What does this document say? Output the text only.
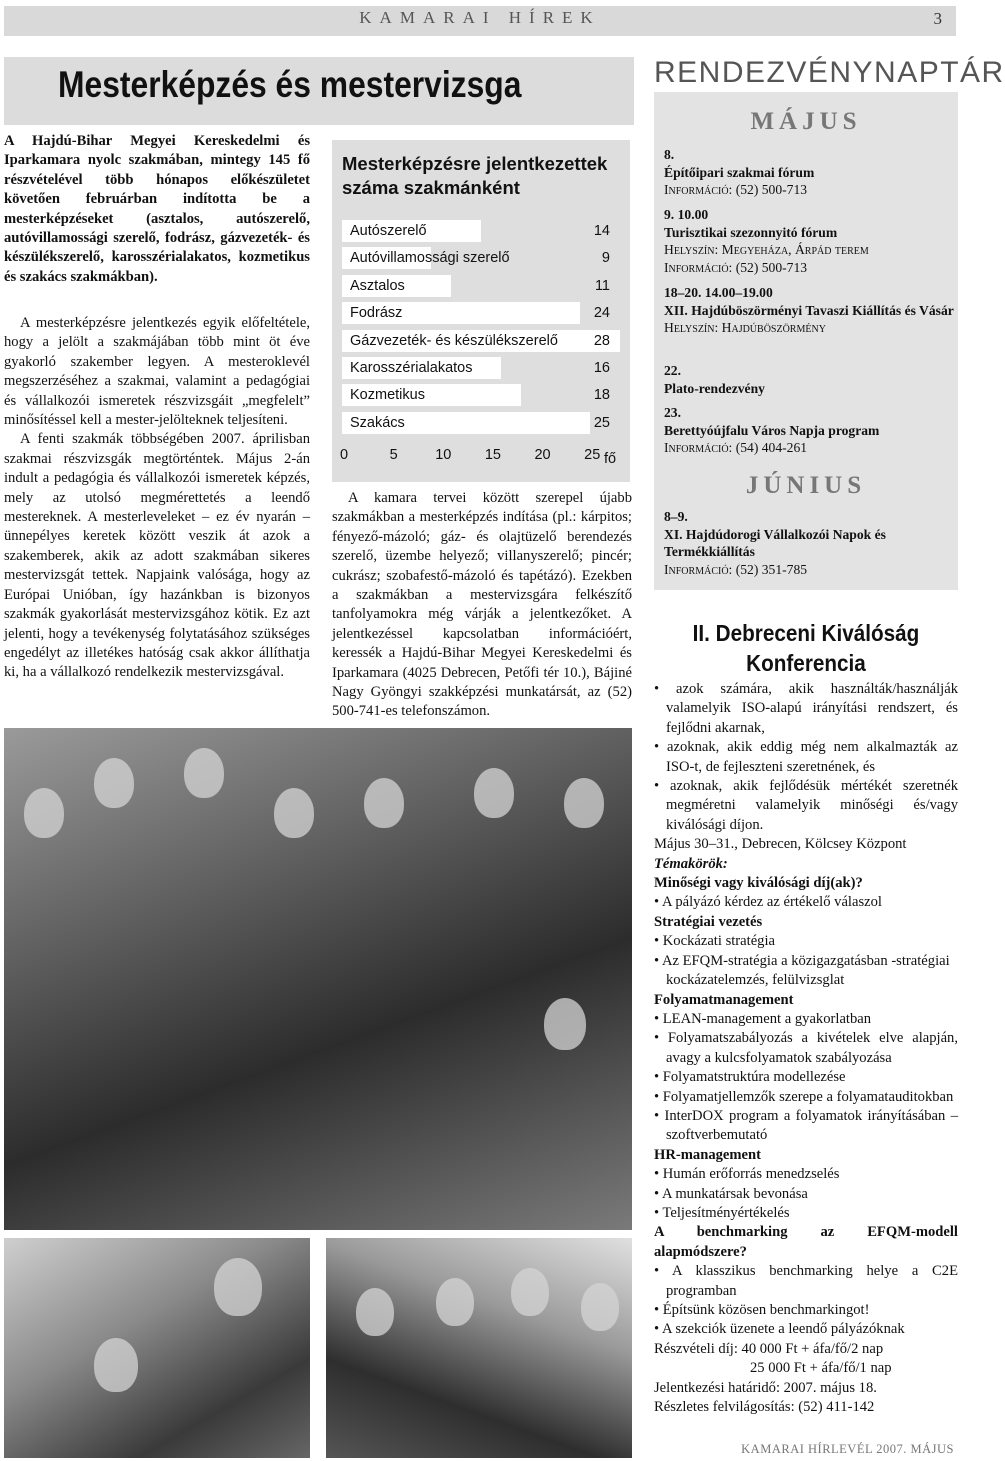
KAMARAI HÍREK	3
Mesterképzés és mestervizsga

A Hajdú-Bihar Megyei Kereskedelmi és Iparkamara nyolc szakmában, mintegy 145 fő részvételével több hónapos előkészületet követően februárban indította be a mesterképzéseket (asztalos, autószerelő, autóvillamossági szerelő, fodrász, gázvezeték- és készülékszerelő, karosszérialakatos, kozmetikus és szakács szakmákban).

A mesterképzésre jelentkezés egyik előfeltétele, hogy a jelölt a szakmájában több mint öt éve gyakorló szakember legyen. A mesteroklevél megszerzéséhez a szakmai, valamint a pedagógiai és vállalkozói ismeretek részvizsgáit „megfelelt” minősítéssel kell a mester-jelölteknek teljesíteni.

A fenti szakmák többségében 2007. áprilisban szakmai részvizsgák megtörténtek. Május 2-án indult a pedagógia és vállalkozói ismeretek képzés, mely az utolsó megmérettetés a leendő mestereknek. A mesterleveleket – ez év nyarán – ünnepélyes keretek között veszik át azok a szakemberek, akik az adott szakmában sikeres mestervizsgát tettek. Napjaink valósága, hogy az Európai Unióban, így hazánkban is bizonyos szakmák gyakorlását mestervizsgához kötik. Ez azt jelenti, hogy a tevékenység folytatásához szükséges engedélyt az illetékes hatóság csak akkor állíthatja ki, ha a vállalkozó rendelkezik mestervizsgával.

Autószerelő	14
Autóvillamossági szerelő	9
Asztalos	11
Fodrász	24
Gázvezeték- és készülékszerelő 28
Karosszérialakatos	16
Kozmetikus	18
Szakács	25
0	5	10 15 20 25 fő
Mesterképzésre jelentkezettek száma szakmánként

A kamara tervei között szerepel újabb szakmákban a mesterképzés indítása (pl.: kárpitos; fényező-mázoló; gáz- és olajtüzelő berendezés szerelő, üzembe helyező; villanyszerelő; pincér; cukrász; szobafestő-mázoló és tapétázó). Ezekben a szakmákban a mestervizsgára felkészítő tanfolyamokra még várják a jelentkezőket. A jelentkezéssel kapcsolatban információért, keressék a Hajdú-Bihar Megyei Kereskedelmi és Iparkamara (4025 Debrecen, Petőfi tér 10.), Bájiné Nagy Gyöngyi szakképzési munkatársát, az (52) 500-741-es telefonszámon.

RENDEZVÉNYNAPTÁR
MÁJUS
8.
Építőipari szakmai fórum
Információ: (52) 500-713
9. 10.00
Turisztikai szezonnyitó fórum
Helyszín: Megyeháza, Árpád terem
Információ: (52) 500-713
18–20. 14.00–19.00
XII. Hajdúböszörményi Tavaszi Kiállítás és Vásár
Helyszín: Hajdúböszörmény
22.
Plato-rendezvény
23.
Berettyóújfalu Város Napja program
Információ: (54) 404-261
JÚNIUS
8–9.
XI. Hajdúdorogi Vállalkozói Napok és Termékkiállítás
Információ: (52) 351-785
II. Debreceni Kiválóság Konferencia
• azok számára, akik használták/használják valamelyik ISO-alapú irányítási rendszert, és fejlődni akarnak,
• azoknak, akik eddig még nem alkalmazták az ISO-t, de fejleszteni szeretnének, és
• azoknak, akik fejlődésük mértékét szeretnék megméretni valamelyik minőségi és/vagy kiválósági díjon.
Május 30–31., Debrecen, Kölcsey Központ
Témakörök:
Minőségi vagy kiválósági díj(ak)?
• A pályázó kérdez az értékelő válaszol
Stratégiai vezetés
• Kockázati stratégia
• Az EFQM-stratégia a közigazgatásban -stratégiai kockázatelemzés, felülvizsglat
Folyamatmanagement
• LEAN-management a gyakorlatban
• Folyamatszabályozás a kivételek elve alapján, avagy a kulcsfolyamatok szabályozása
• Folyamatstruktúra modellezése
• Folyamatjellemzők szerepe a folyamatauditokban
• InterDOX program a folyamatok irányításában – szoftverbemutató
HR-management
• Humán erőforrás menedzselés
• A munkatársak bevonása
• Teljesítményértékelés
A benchmarking az EFQM-modell alapmódszere?
• A klasszikus benchmarking helye a C2E programban
• Építsünk közösen benchmarkingot!
• A szekciók üzenete a leendő pályázóknak
Részvételi díj: 40 000 Ft + áfa/fő/2 nap
25 000 Ft + áfa/fő/1 nap
Jelentkezési határidő: 2007. május 18.
Részletes felvilágosítás: (52) 411-142
KAMARAI HÍRLEVÉL 2007. MÁJUS
